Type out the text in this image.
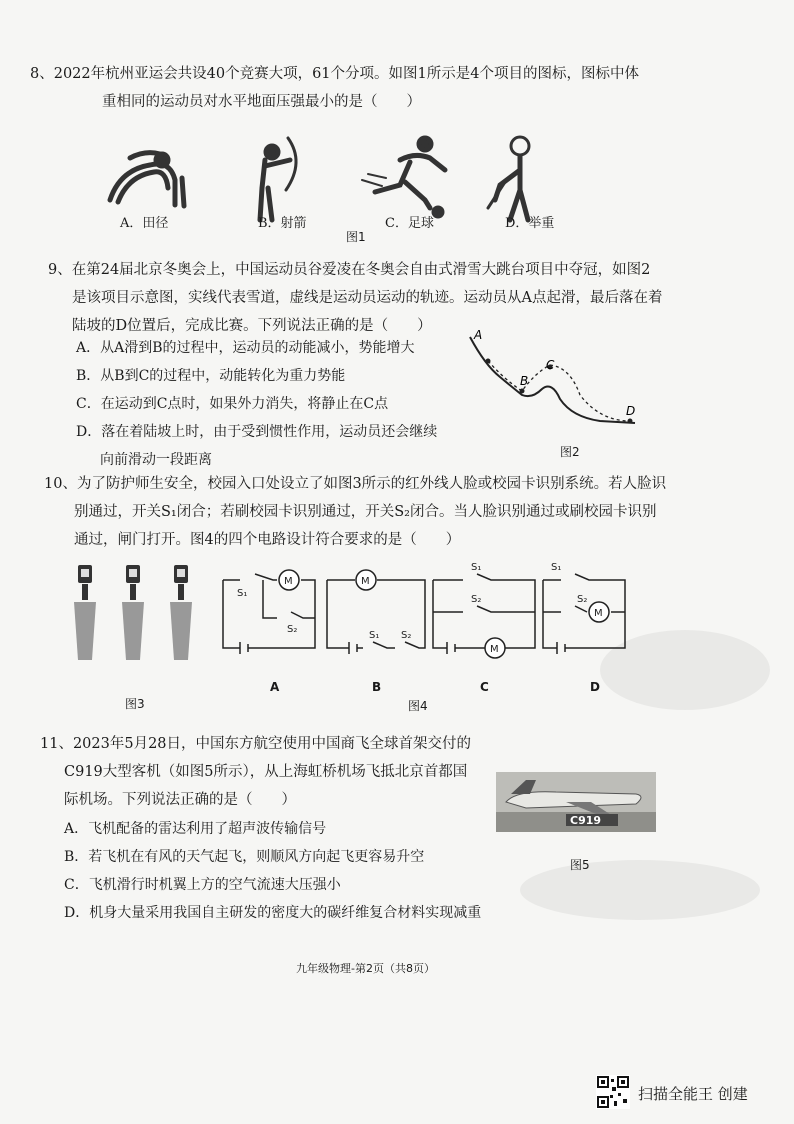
8、2022年杭州亚运会共设40个竞赛大项，61个分项。如图1所示是4个项目的图标，图标中体
重相同的运动员对水平地面压强最小的是（　　）
A．田径	B．射箭	C．足球	D．举重
图1
9、在第24届北京冬奥会上，中国运动员谷爱凌在冬奥会自由式滑雪大跳台项目中夺冠，如图2
是该项目示意图，实线代表雪道，虚线是运动员运动的轨迹。运动员从A点起滑，最后落在着
陆坡的D位置后，完成比赛。下列说法正确的是（　　）
A．从A滑到B的过程中，运动员的动能减小，势能增大
B．从B到C的过程中，动能转化为重力势能
C．在运动到C点时，如果外力消失，将静止在C点
D．落在着陆坡上时，由于受到惯性作用，运动员还会继续
向前滑动一段距离
A
B
C
D
图2
10、为了防护师生安全，校园入口处设立了如图3所示的红外线人脸或校园卡识别系统。若人脸识
别通过，开关S₁闭合；若刷校园卡识别通过，开关S₂闭合。当人脸识别通过或刷校园卡识别
通过，闸门打开。图4的四个电路设计符合要求的是（　　）
图3
S₁
S₂
M
S₁ S₂
M
S₁
S₂
M
S₁
S₂
M
A	B	C	D
图4
11、2023年5月28日，中国东方航空使用中国商飞全球首架交付的
C919大型客机（如图5所示），从上海虹桥机场飞抵北京首都国
际机场。下列说法正确的是（　　）
A．飞机配备的雷达利用了超声波传输信号
B．若飞机在有风的天气起飞，则顺风方向起飞更容易升空
C．飞机滑行时机翼上方的空气流速大压强小
D．机身大量采用我国自主研发的密度大的碳纤维复合材料实现减重
C919
图5
九年级物理-第2页（共8页）
扫描全能王 创建
